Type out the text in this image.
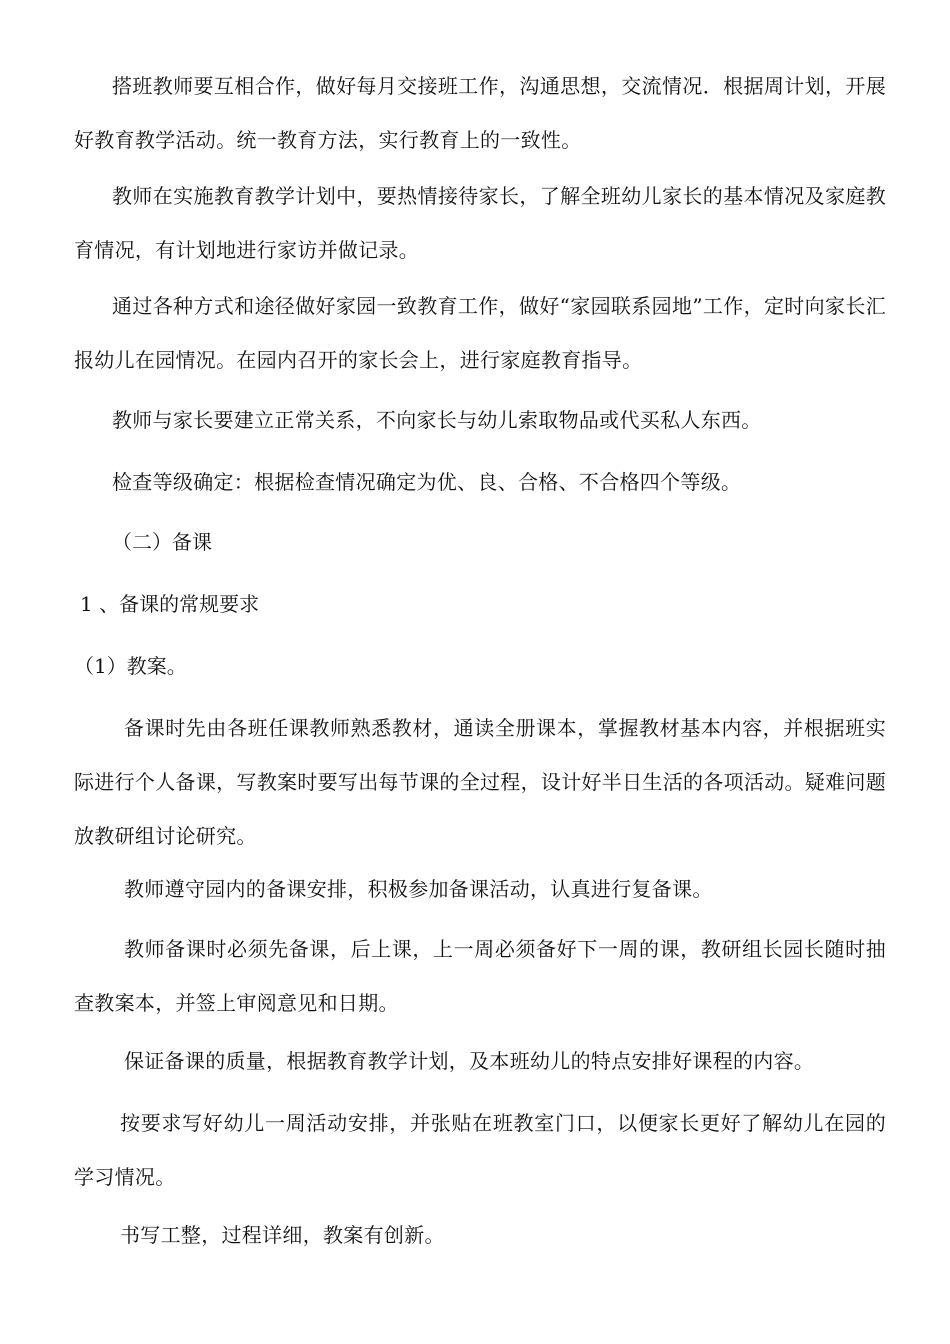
搭班教师要互相合作，做好每月交接班工作，沟通思想，交流情况．根据周计划，开展好教育教学活动。统一教育方法，实行教育上的一致性。

教师在实施教育教学计划中，要热情接待家长，了解全班幼儿家长的基本情况及家庭教育情况，有计划地进行家访并做记录。

通过各种方式和途径做好家园一致教育工作，做好“家园联系园地”工作，定时向家长汇报幼儿在园情况。在园内召开的家长会上，进行家庭教育指导。

教师与家长要建立正常关系，不向家长与幼儿索取物品或代买私人东西。

检查等级确定：根据检查情况确定为优、良、合格、不合格四个等级。

（二）备课

1 、备课的常规要求

（1）教案。

备课时先由各班任课教师熟悉教材，通读全册课本，掌握教材基本内容，并根据班实际进行个人备课，写教案时要写出每节课的全过程，设计好半日生活的各项活动。疑难问题放教研组讨论研究。

教师遵守园内的备课安排，积极参加备课活动，认真进行复备课。

教师备课时必须先备课，后上课，上一周必须备好下一周的课，教研组长园长随时抽查教案本，并签上审阅意见和日期。

保证备课的质量，根据教育教学计划，及本班幼儿的特点安排好课程的内容。

按要求写好幼儿一周活动安排，并张贴在班教室门口，以便家长更好了解幼儿在园的学习情况。

书写工整，过程详细，教案有创新。
